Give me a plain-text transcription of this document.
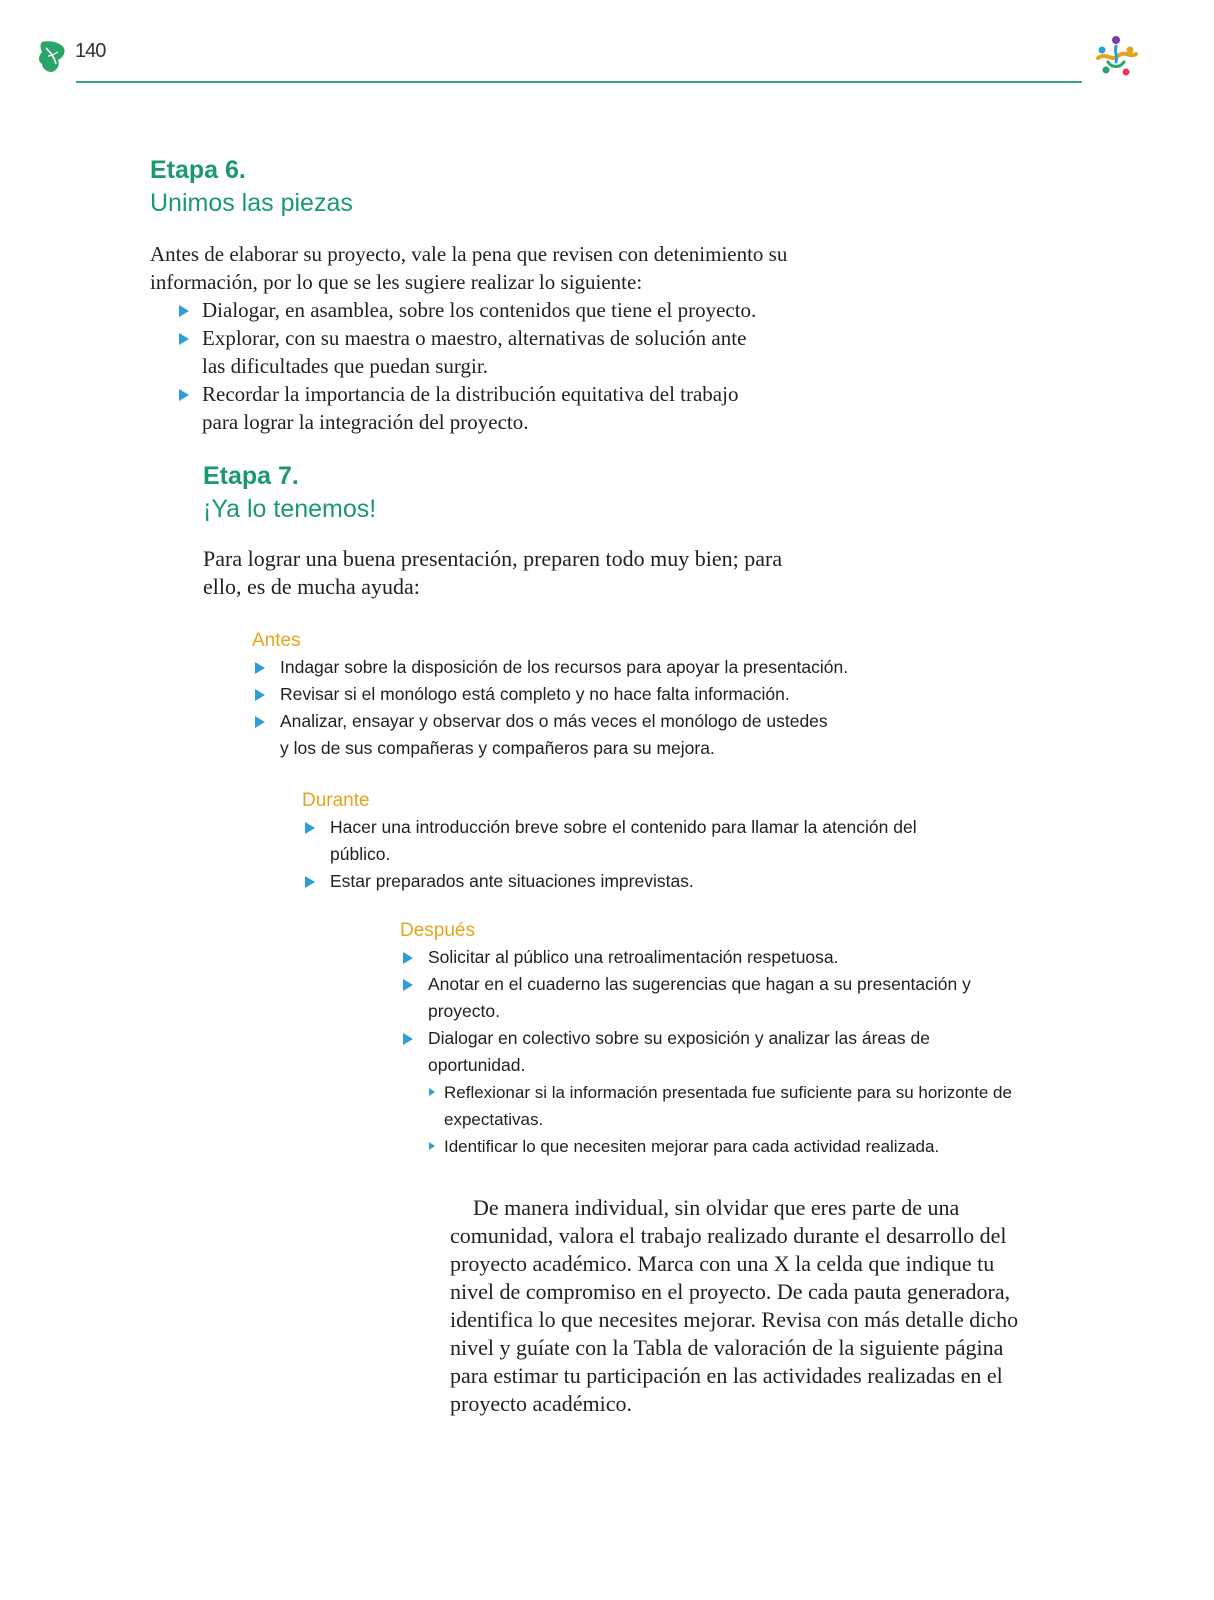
140
Etapa 6.
Unimos las piezas

Antes de elaborar su proyecto, vale la pena que revisen con detenimiento su información, por lo que se les sugiere realizar lo siguiente:

Dialogar, en asamblea, sobre los contenidos que tiene el proyecto.
Explorar, con su maestra o maestro, alternativas de solución ante las dificultades que puedan surgir.
Recordar la importancia de la distribución equitativa del trabajo para lograr la integración del proyecto.
Etapa 7.
¡Ya lo tenemos!
Para lograr una buena presentación, preparen todo muy bien; para ello, es de mucha ayuda:
Antes
Indagar sobre la disposición de los recursos para apoyar la presentación.
Revisar si el monólogo está completo y no hace falta información.
Analizar, ensayar y observar dos o más veces el monólogo de ustedes y los de sus compañeras y compañeros para su mejora.
Durante
Hacer una introducción breve sobre el contenido para llamar la atención del público.
Estar preparados ante situaciones imprevistas.
Después
Solicitar al público una retroalimentación respetuosa.
Anotar en el cuaderno las sugerencias que hagan a su presentación y proyecto.
Dialogar en colectivo sobre su exposición y analizar las áreas de oportunidad.
Reflexionar si la información presentada fue suficiente para su horizonte de expectativas.
Identificar lo que necesiten mejorar para cada actividad realizada.

De manera individual, sin olvidar que eres parte de una comunidad, valora el trabajo realizado durante el desarrollo del proyecto académico. Marca con una X la celda que indique tu nivel de compromiso en el proyecto. De cada pauta generadora, identifica lo que necesites mejorar. Revisa con más detalle dicho nivel y guíate con la Tabla de valoración de la siguiente página para estimar tu participación en las actividades realizadas en el proyecto académico.
